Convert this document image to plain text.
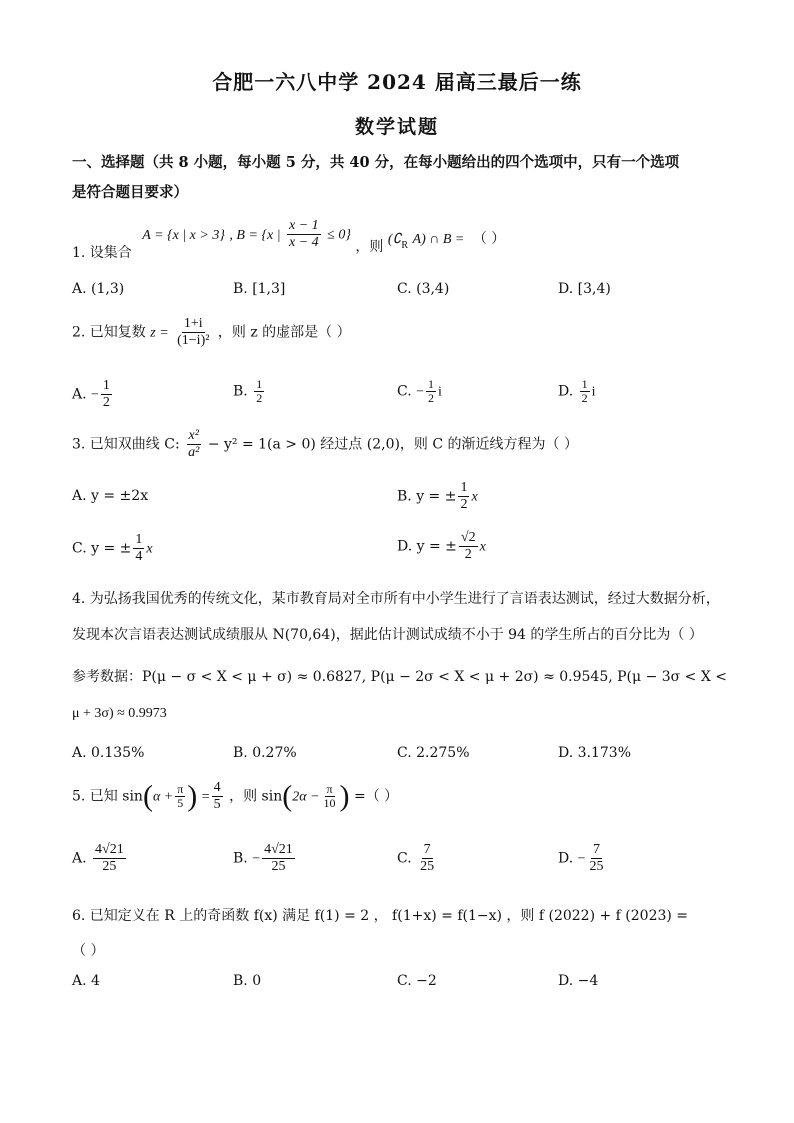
合肥一六八中学 2024 届高三最后一练
数学试题
一、选择题（共 8 小题，每小题 5 分，共 40 分，在每小题给出的四个选项中，只有一个选项
是符合题目要求）
1. 设集合 A = {x | x > 3} , B = {x | $\frac{x - 1}{x - 4} \le 0$} ，则 ($∁_R$ A) ∩ B = （ ）
A. (1,3)	B. [1,3]	C. (3,4)	D. [3,4)
2. 已知复数 $z = \frac{1+i}{\text{(1−i)²}}$ ，则 z 的虚部是（ ）
A. − $\frac{1}{2}$	B. $\frac{1}{2}$	C. − $\frac{1}{2}$ i	D. $\frac{1}{2}$ i
3. 已知双曲线 C: $\frac{\text{x²}}{\text{a²}} - y^2 = 1(a > 0)$ 经过点 (2,0)，则 C 的渐近线方程为（ ）
A. y = ±2x	B. y = ± $\frac{1}{2}$ x
C. y = ± $\frac{1}{4}$ x	D. y = ± $\frac{√2}{2}$ x
4. 为弘扬我国优秀的传统文化，某市教育局对全市所有中小学生进行了言语表达测试，经过大数据分析，
发现本次言语表达测试成绩服从 N(70,64)，据此估计测试成绩不小于 94 的学生所占的百分比为（ ）
参考数据：P(μ − σ < X < μ + σ) ≈ 0.6827, P(μ − 2σ < X < μ + 2σ) ≈ 0.9545, P(μ − 3σ < X <
μ + 3σ) ≈ 0.9973
A. 0.135%	B. 0.27%	C. 2.275%	D. 3.173%
5. 已知 $\sin(\alpha + \frac{\pi}{5}$ ) = $\frac{4}{5}$ ，则 $\sin(2\alpha - \frac{\pi}{10}$ ) =（ ）
A. $\frac{4√21}{25}$	B. − $\frac{4√21}{25}$	C. $\frac{7}{25}$	D. − $\frac{7}{25}$
6. 已知定义在 R 上的奇函数 f(x) 满足 f(1) = 2 ， f(1+x) = f(1−x) ，则 f (2022) + f (2023) =
（ ）
A. 4	B. 0	C. −2	D. −4
